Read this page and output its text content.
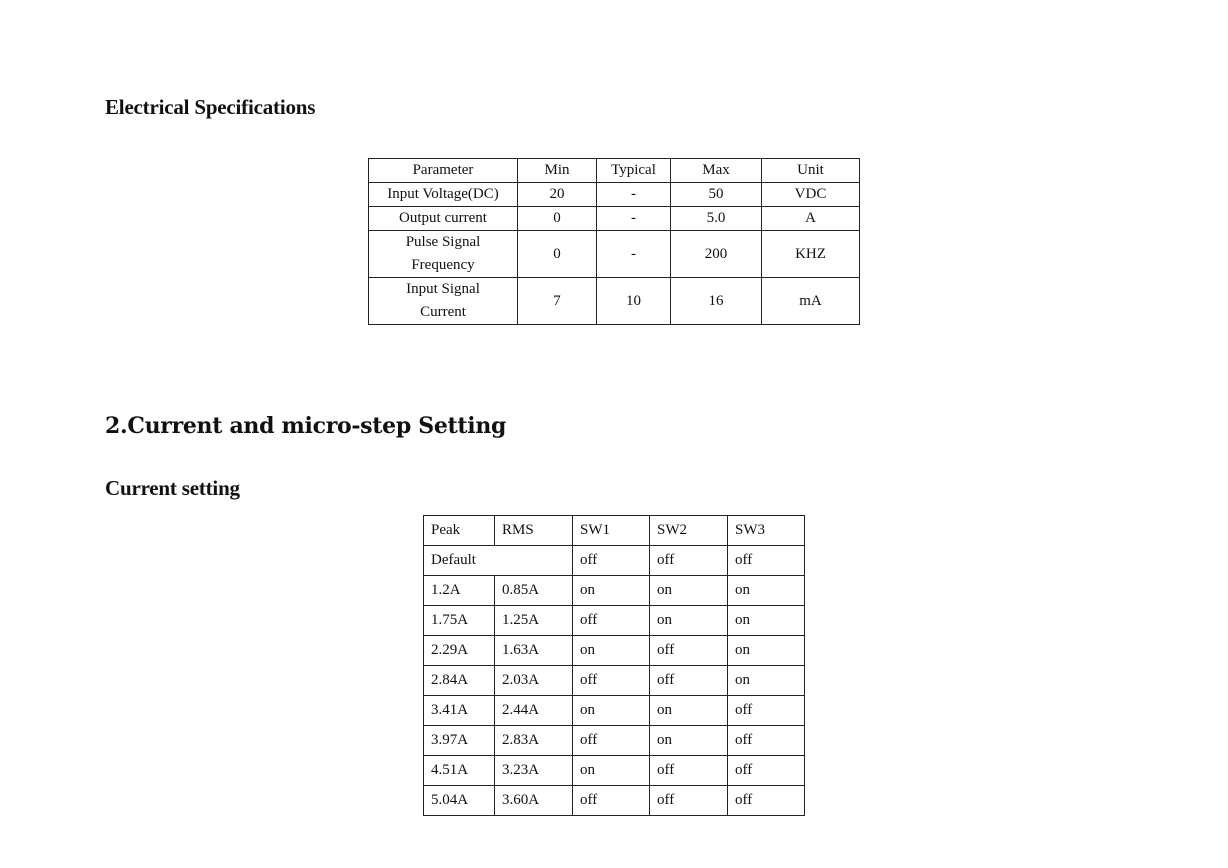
Electrical Specifications
Parameter	Min	Typical	Max	Unit
Input Voltage(DC)	20	-	50	VDC
Output current	0	-	5.0	A
Pulse Signal Frequency	0	-	200	KHZ
Input Signal Current	7	10	16	mA
2.Current and micro-step Setting
Current setting
Peak	RMS	SW1	SW2	SW3
Default		off	off	off
1.2A	0.85A	on	on	on
1.75A	1.25A	off	on	on
2.29A	1.63A	on	off	on
2.84A	2.03A	off	off	on
3.41A	2.44A	on	on	off
3.97A	2.83A	off	on	off
4.51A	3.23A	on	off	off
5.04A	3.60A	off	off	off
